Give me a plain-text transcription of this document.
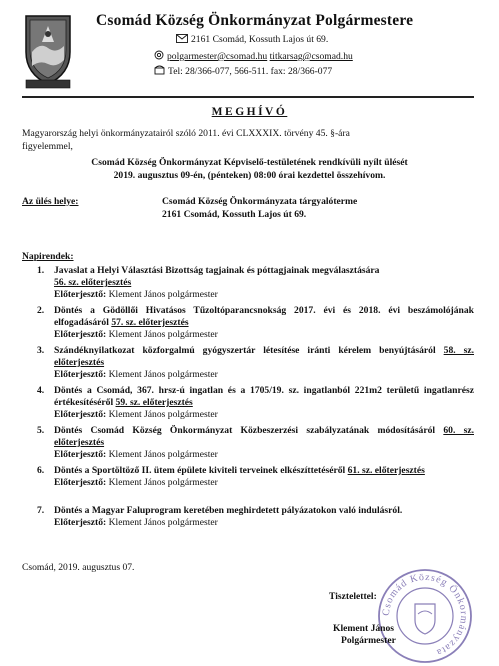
Csomád Község Önkormányzat Polgármestere
2161 Csomád, Kossuth Lajos út 69.
polgarmester@csomad.hu titkarsag@csomad.hu
Tel: 28/366-077, 566-511. fax: 28/366-077
MEGHÍVÓ
Magyarország helyi önkormányzatairól szóló 2011. évi CLXXXIX. törvény 45. §-ára
figyelemmel,
Csomád Község Önkormányzat Képviselő-testületének rendkívüli nyílt ülését
2019. augusztus 09-én, (pénteken) 08:00 órai kezdettel összehívom.
Az ülés helye:	Csomád Község Önkormányzata tárgyalóterme
2161 Csomád, Kossuth Lajos út 69.
Napirendek:
1. Javaslat a Helyi Választási Bizottság tagjainak és póttagjainak megválasztására
56. sz. előterjesztés
Előterjesztő: Klement János polgármester
2. Döntés a Gödöllői Hivatásos Tűzoltóparancsnokság 2017. évi és 2018. évi beszámolójának elfogadásáról 57. sz. előterjesztés
Előterjesztő: Klement János polgármester
3. Szándéknyilatkozat közforgalmú gyógyszertár létesítése iránti kérelem benyújtásáról 58. sz. előterjesztés
Előterjesztő: Klement János polgármester
4. Döntés a Csomád, 367. hrsz-ú ingatlan és a 1705/19. sz. ingatlanból 221m2 területű ingatlanrész értékesítéséről 59. sz. előterjesztés
Előterjesztő: Klement János polgármester
5. Döntés Csomád Község Önkormányzat Közbeszerzési szabályzatának módosításáról 60. sz. előterjesztés
Előterjesztő: Klement János polgármester
6. Döntés a Sportöltöző II. ütem épülete kiviteli terveinek elkészíttetéséről 61. sz. előterjesztés
Előterjesztő: Klement János polgármester
7. Döntés a Magyar Faluprogram keretében meghirdetett pályázatokon való indulásról.
Előterjesztő: Klement János polgármester
Csomád, 2019. augusztus 07.
Tisztelettel:
Csomád Község Önkormányzata
Klement János
Polgármester
